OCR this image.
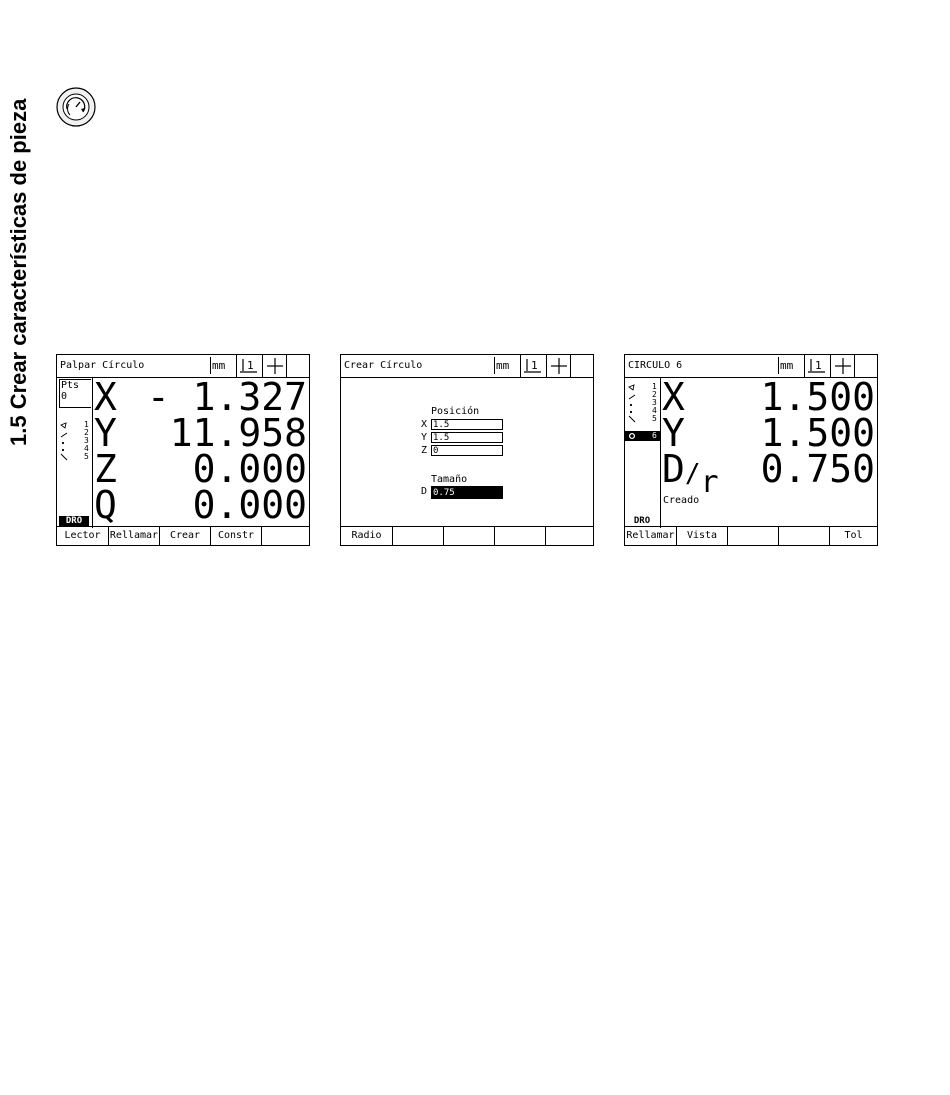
1.5 Crear características de pieza	Palpar Círculo	mm	1
Pts
0
12345
DRO
X - 1.327
Y 11.958
Z 0.000
Q 0.000
Lector Rellamar	Crear	Constr
Crear Círculo	mm	1
Posición
X 1.5
Y 1.5
Z 0
Tamaño
D 0.75
Radio
CIRCULO 6	mm	1
12345
6
DRO
X 1.500
Y 1.500
$D/_r$ 0.750
Creado
Rellamar	Vista	Tol
